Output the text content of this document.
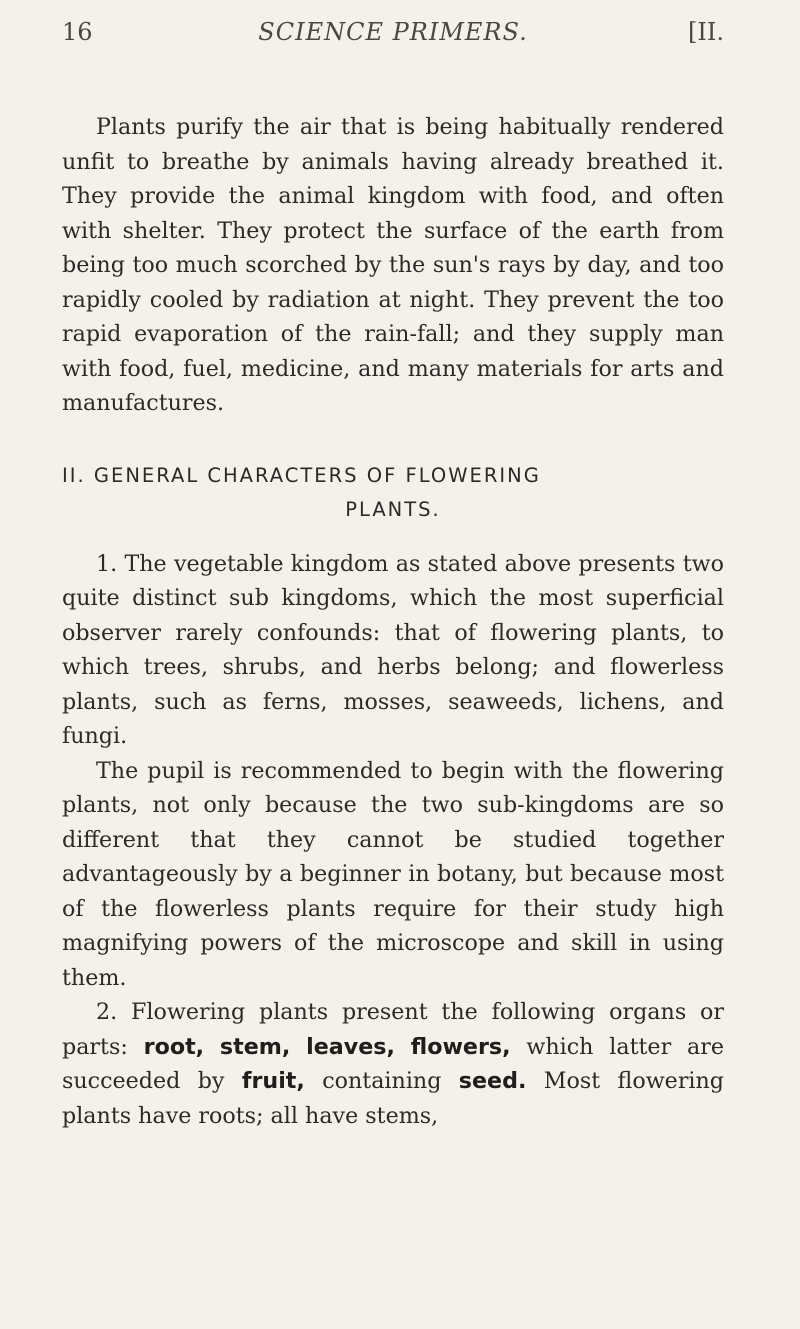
16	SCIENCE PRIMERS.	[II.

Plants purify the air that is being habitually rendered unfit to breathe by animals having already breathed it. They provide the animal kingdom with food, and often with shelter. They protect the surface of the earth from being too much scorched by the sun's rays by day, and too rapidly cooled by radiation at night. They prevent the too rapid evaporation of the rain-fall; and they supply man with food, fuel, medicine, and many materials for arts and manufactures.

II. GENERAL CHARACTERS OF FLOWERING
PLANTS.

1. The vegetable kingdom as stated above presents two quite distinct sub kingdoms, which the most superficial observer rarely confounds: that of flowering plants, to which trees, shrubs, and herbs belong; and flowerless plants, such as ferns, mosses, seaweeds, lichens, and fungi.

The pupil is recommended to begin with the flowering plants, not only because the two sub-kingdoms are so different that they cannot be studied together advantageously by a beginner in botany, but because most of the flowerless plants require for their study high magnifying powers of the microscope and skill in using them.

2. Flowering plants present the following organs or parts: root, stem, leaves, flowers, which latter are succeeded by fruit, containing seed. Most flowering plants have roots; all have stems,
